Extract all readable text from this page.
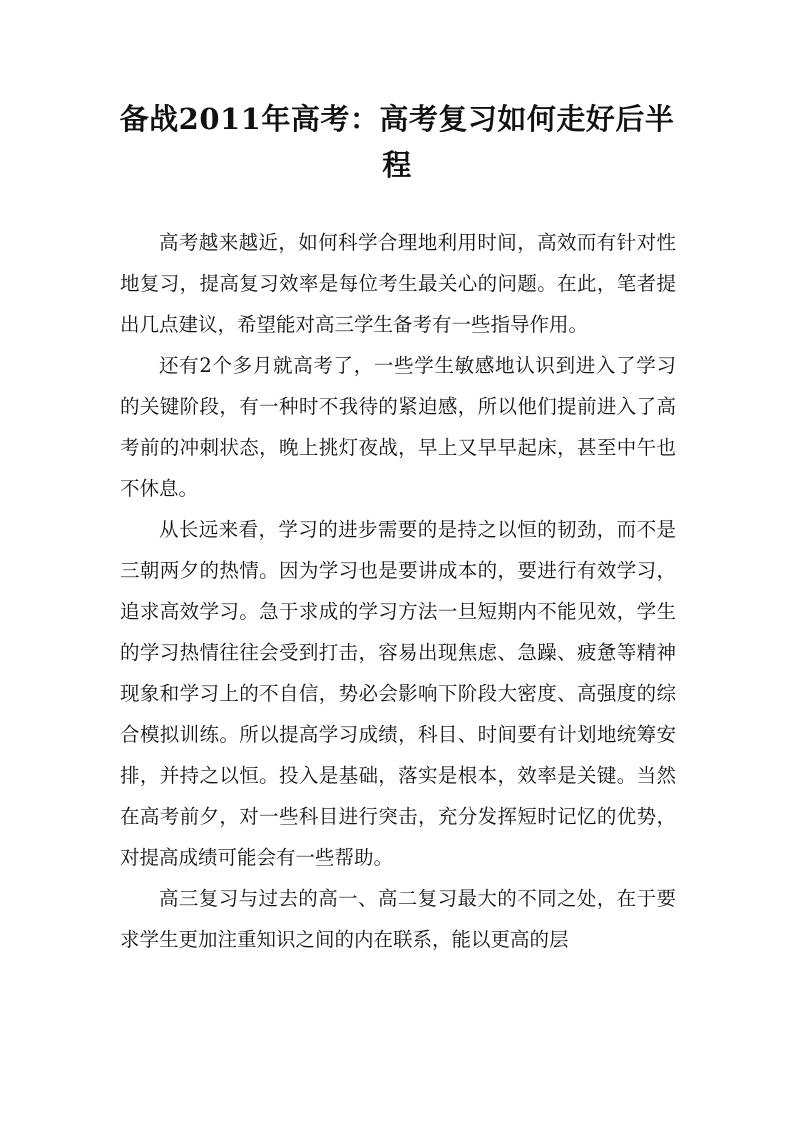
备战2011年高考：高考复习如何走好后半程

高考越来越近，如何科学合理地利用时间，高效而有针对性地复习，提高复习效率是每位考生最关心的问题。在此，笔者提出几点建议，希望能对高三学生备考有一些指导作用。

还有2个多月就高考了，一些学生敏感地认识到进入了学习的关键阶段，有一种时不我待的紧迫感，所以他们提前进入了高考前的冲刺状态，晚上挑灯夜战，早上又早早起床，甚至中午也不休息。

从长远来看，学习的进步需要的是持之以恒的韧劲，而不是三朝两夕的热情。因为学习也是要讲成本的，要进行有效学习，追求高效学习。急于求成的学习方法一旦短期内不能见效，学生的学习热情往往会受到打击，容易出现焦虑、急躁、疲惫等精神现象和学习上的不自信，势必会影响下阶段大密度、高强度的综合模拟训练。所以提高学习成绩，科目、时间要有计划地统筹安排，并持之以恒。投入是基础，落实是根本，效率是关键。当然在高考前夕，对一些科目进行突击，充分发挥短时记忆的优势，对提高成绩可能会有一些帮助。

高三复习与过去的高一、高二复习最大的不同之处，在于要求学生更加注重知识之间的内在联系，能以更高的层
